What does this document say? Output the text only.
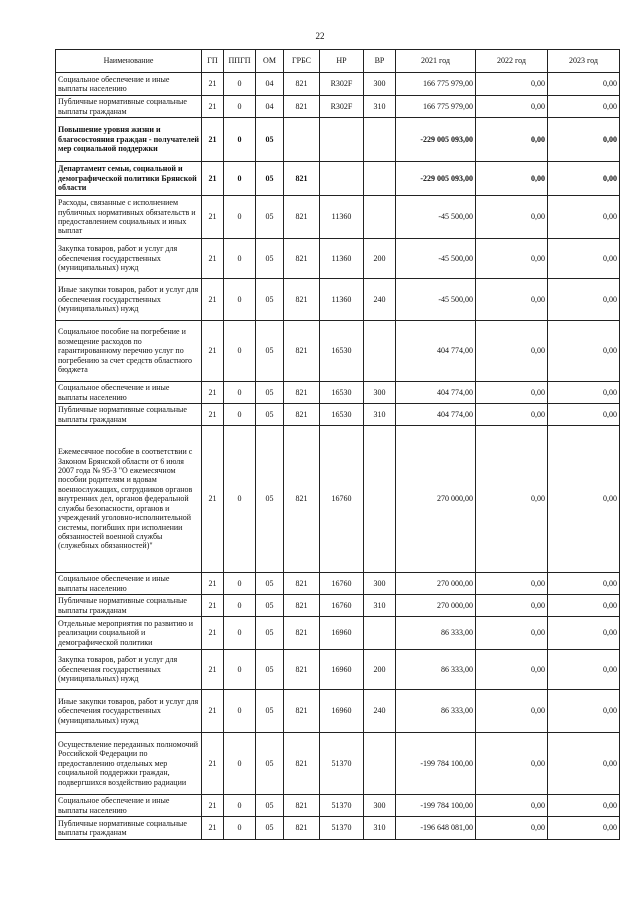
22
Наименование	ГП	ППГП	ОМ	ГРБС	НР	ВР	2021 год	2022 год	2023 год
Социальное обеспечение и иные выплаты населению	21	0	04	821	R302F	300	166 775 979,00	0,00	0,00
Публичные нормативные социальные выплаты гражданам	21	0	04	821	R302F	310	166 775 979,00	0,00	0,00
Повышение уровня жизни и благосостояния граждан - получателей мер социальной поддержки	21	0	05				-229 005 093,00	0,00	0,00
Департамент семьи, социальной и демографической политики Брянской области	21	0	05	821			-229 005 093,00	0,00	0,00
Расходы, связанные с исполнением публичных нормативных обязательств и предоставлением социальных и иных выплат	21	0	05	821	11360		-45 500,00	0,00	0,00
Закупка товаров, работ и услуг для обеспечения государственных (муниципальных) нужд	21	0	05	821	11360	200	-45 500,00	0,00	0,00
Иные закупки товаров, работ и услуг для обеспечения государственных (муниципальных) нужд	21	0	05	821	11360	240	-45 500,00	0,00	0,00
Социальное пособие на погребение и возмещение расходов по гарантированному перечню услуг по погребению за счет средств областного бюджета	21	0	05	821	16530		404 774,00	0,00	0,00
Социальное обеспечение и иные выплаты населению	21	0	05	821	16530	300	404 774,00	0,00	0,00
Публичные нормативные социальные выплаты гражданам	21	0	05	821	16530	310	404 774,00	0,00	0,00
Ежемесячное пособие в соответствии с Законом Брянской области от 6 июля 2007 года № 95-З "О ежемесячном пособии родителям и вдовам военнослужащих, сотрудников органов внутренних дел, органов федеральной службы безопасности, органов и учреждений уголовно-исполнительной системы, погибших при исполнении обязанностей военной службы (служебных обязанностей)"	21	0	05	821	16760		270 000,00	0,00	0,00
Социальное обеспечение и иные выплаты населению	21	0	05	821	16760	300	270 000,00	0,00	0,00
Публичные нормативные социальные выплаты гражданам	21	0	05	821	16760	310	270 000,00	0,00	0,00
Отдельные мероприятия по развитию и реализации социальной и демографической политики	21	0	05	821	16960		86 333,00	0,00	0,00
Закупка товаров, работ и услуг для обеспечения государственных (муниципальных) нужд	21	0	05	821	16960	200	86 333,00	0,00	0,00
Иные закупки товаров, работ и услуг для обеспечения государственных (муниципальных) нужд	21	0	05	821	16960	240	86 333,00	0,00	0,00
Осуществление переданных полномочий Российской Федерации по предоставлению отдельных мер социальной поддержки граждан, подвергшихся воздействию радиации	21	0	05	821	51370		-199 784 100,00	0,00	0,00
Социальное обеспечение и иные выплаты населению	21	0	05	821	51370	300	-199 784 100,00	0,00	0,00
Публичные нормативные социальные выплаты гражданам	21	0	05	821	51370	310	-196 648 081,00	0,00	0,00
